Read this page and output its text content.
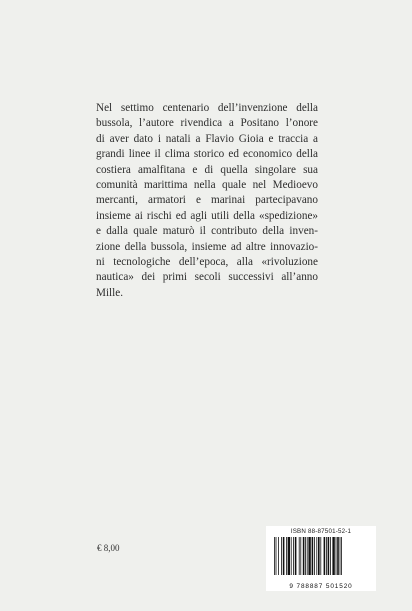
Nel settimo centenario dell’invenzione della
bussola, l’autore rivendica a Positano l’onore
di aver dato i natali a Flavio Gioia e traccia a
grandi linee il clima storico ed economico della
costiera amalfitana e di quella singolare sua
comunità marittima nella quale nel Medioevo
mercanti, armatori e marinai partecipavano
insieme ai rischi ed agli utili della «spedizione»
e dalla quale maturò il contributo della inven-
zione della bussola, insieme ad altre innovazio-
ni tecnologiche dell’epoca, alla «rivoluzione
nautica» dei primi secoli successivi all’anno
Mille.

€ 8,00
ISBN 88-87501-52-1
9 788887 501520
